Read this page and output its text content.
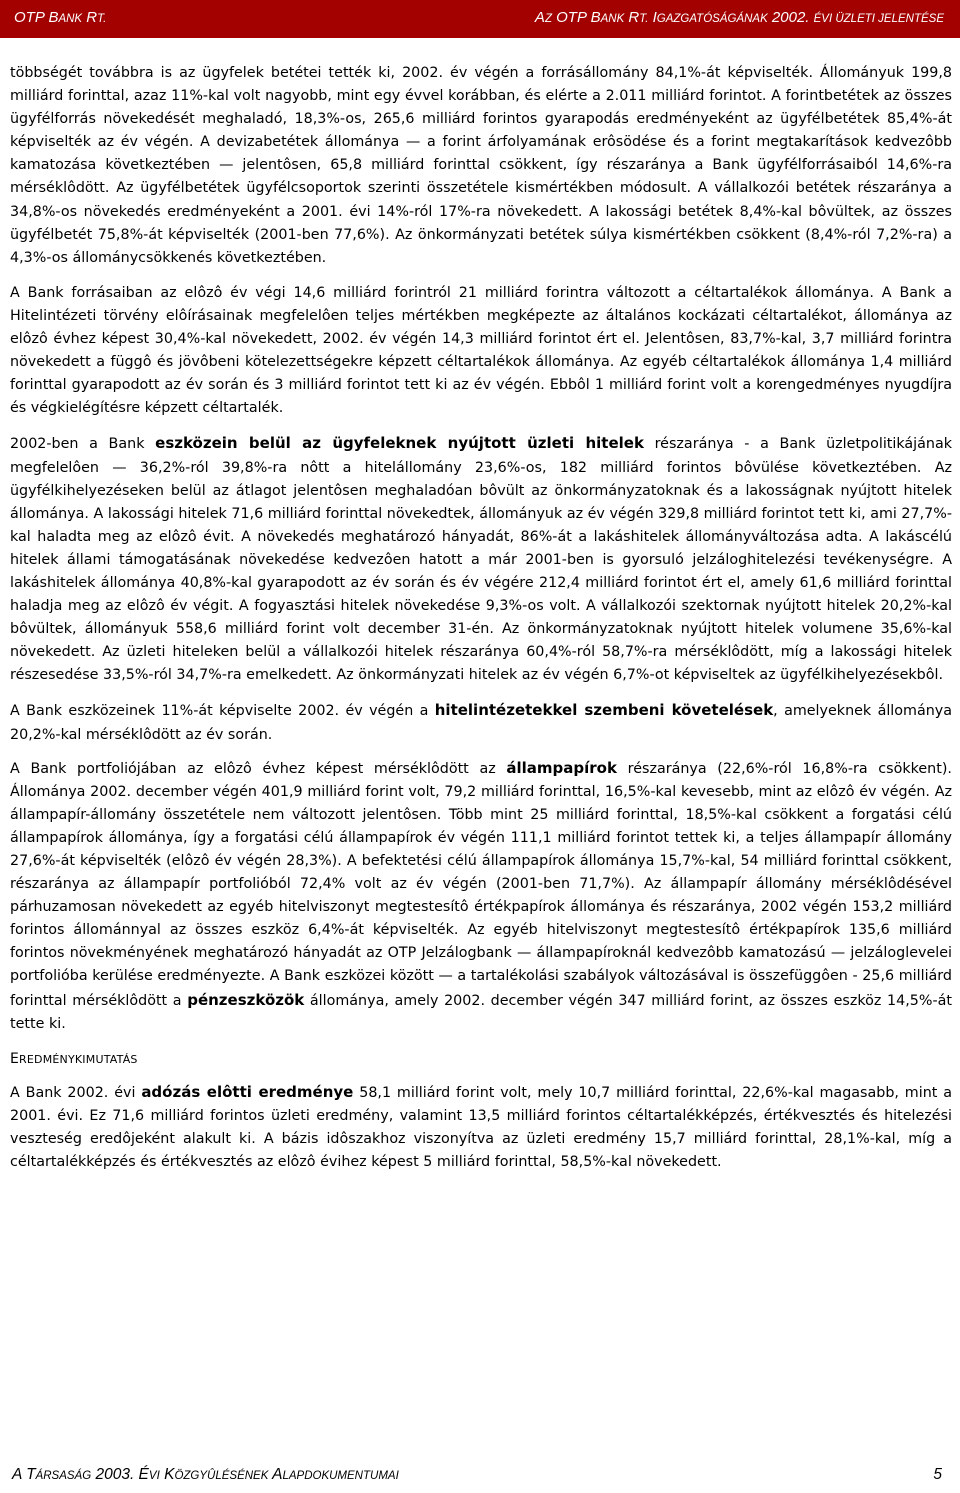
OTP BANK RT.	AZ OTP BANK RT. IGAZGATÓSÁGÁNAK 2002. ÉVI ÜZLETI JELENTÉSE

többségét továbbra is az ügyfelek betétei tették ki, 2002. év végén a forrásállomány 84,1%-át képviselték. Állományuk 199,8 milliárd forinttal, azaz 11%-kal volt nagyobb, mint egy évvel korábban, és elérte a 2.011 milliárd forintot. A forintbetétek az összes ügyfélforrás növekedését meghaladó, 18,3%-os, 265,6 milliárd forintos gyarapodás eredményeként az ügyfélbetétek 85,4%-át képviselték az év végén. A devizabetétek állománya — a forint árfolyamának erôsödése és a forint megtakarítások kedvezôbb kamatozása következtében — jelentôsen, 65,8 milliárd forinttal csökkent, így részaránya a Bank ügyfélforrásaiból 14,6%-ra mérséklôdött. Az ügyfélbetétek ügyfélcsoportok szerinti összetétele kismértékben módosult. A vállalkozói betétek részaránya a 34,8%-os növekedés eredményeként a 2001. évi 14%-ról 17%-ra növekedett. A lakossági betétek 8,4%-kal bôvültek, az összes ügyfélbetét 75,8%-át képviselték (2001-ben 77,6%). Az önkormányzati betétek súlya kismértékben csökkent (8,4%-ról 7,2%-ra) a 4,3%-os állománycsökkenés következtében.

A Bank forrásaiban az elôzô év végi 14,6 milliárd forintról 21 milliárd forintra változott a céltartalékok állománya. A Bank a Hitelintézeti törvény elôírásainak megfelelôen teljes mértékben megképezte az általános kockázati céltartalékot, állománya az elôzô évhez képest 30,4%-kal növekedett, 2002. év végén 14,3 milliárd forintot ért el. Jelentôsen, 83,7%-kal, 3,7 milliárd forintra növekedett a függô és jövôbeni kötelezettségekre képzett céltartalékok állománya. Az egyéb céltartalékok állománya 1,4 milliárd forinttal gyarapodott az év során és 3 milliárd forintot tett ki az év végén. Ebbôl 1 milliárd forint volt a korengedményes nyugdíjra és végkielégítésre képzett céltartalék.

2002-ben a Bank eszközein belül az ügyfeleknek nyújtott üzleti hitelek részaránya - a Bank üzletpolitikájának megfelelôen — 36,2%-ról 39,8%-ra nôtt a hitelállomány 23,6%-os, 182 milliárd forintos bôvülése következtében. Az ügyfélkihelyezéseken belül az átlagot jelentôsen meghaladóan bôvült az önkormányzatoknak és a lakosságnak nyújtott hitelek állománya. A lakossági hitelek 71,6 milliárd forinttal növekedtek, állományuk az év végén 329,8 milliárd forintot tett ki, ami 27,7%-kal haladta meg az elôzô évit. A növekedés meghatározó hányadát, 86%-át a lakáshitelek állományváltozása adta. A lakáscélú hitelek állami támogatásának növekedése kedvezôen hatott a már 2001-ben is gyorsuló jelzáloghitelezési tevékenységre. A lakáshitelek állománya 40,8%-kal gyarapodott az év során és év végére 212,4 milliárd forintot ért el, amely 61,6 milliárd forinttal haladja meg az elôzô év végit. A fogyasztási hitelek növekedése 9,3%-os volt. A vállalkozói szektornak nyújtott hitelek 20,2%-kal bôvültek, állományuk 558,6 milliárd forint volt december 31-én. Az önkormányzatoknak nyújtott hitelek volumene 35,6%-kal növekedett. Az üzleti hiteleken belül a vállalkozói hitelek részaránya 60,4%-ról 58,7%-ra mérséklôdött, míg a lakossági hitelek részesedése 33,5%-ról 34,7%-ra emelkedett. Az önkormányzati hitelek az év végén 6,7%-ot képviseltek az ügyfélkihelyezésekbôl.

A Bank eszközeinek 11%-át képviselte 2002. év végén a hitelintézetekkel szembeni követelések, amelyeknek állománya 20,2%-kal mérséklôdött az év során.

A Bank portfoliójában az elôzô évhez képest mérséklôdött az állampapírok részaránya (22,6%-ról 16,8%-ra csökkent). Állománya 2002. december végén 401,9 milliárd forint volt, 79,2 milliárd forinttal, 16,5%-kal kevesebb, mint az elôzô év végén. Az állampapír-állomány összetétele nem változott jelentôsen. Több mint 25 milliárd forinttal, 18,5%-kal csökkent a forgatási célú állampapírok állománya, így a forgatási célú állampapírok év végén 111,1 milliárd forintot tettek ki, a teljes állampapír állomány 27,6%-át képviselték (elôzô év végén 28,3%). A befektetési célú állampapírok állománya 15,7%-kal, 54 milliárd forinttal csökkent, részaránya az állampapír portfolióból 72,4% volt az év végén (2001-ben 71,7%). Az állampapír állomány mérséklôdésével párhuzamosan növekedett az egyéb hitelviszonyt megtestesítô értékpapírok állománya és részaránya, 2002 végén 153,2 milliárd forintos állománnyal az összes eszköz 6,4%-át képviselték. Az egyéb hitelviszonyt megtestesítô értékpapírok 135,6 milliárd forintos növekményének meghatározó hányadát az OTP Jelzálogbank — állampapíroknál kedvezôbb kamatozású — jelzáloglevelei portfolióba kerülése eredményezte. A Bank eszközei között — a tartalékolási szabályok változásával is összefüggôen - 25,6 milliárd forinttal mérséklôdött a pénzeszközök állománya, amely 2002. december végén 347 milliárd forint, az összes eszköz 14,5%-át tette ki.

EREDMÉNYKIMUTATÁS

A Bank 2002. évi adózás elôtti eredménye 58,1 milliárd forint volt, mely 10,7 milliárd forinttal, 22,6%-kal magasabb, mint a 2001. évi. Ez 71,6 milliárd forintos üzleti eredmény, valamint 13,5 milliárd forintos céltartalékképzés, értékvesztés és hitelezési veszteség eredôjeként alakult ki. A bázis idôszakhoz viszonyítva az üzleti eredmény 15,7 milliárd forinttal, 28,1%-kal, míg a céltartalékképzés és értékvesztés az elôzô évihez képest 5 milliárd forinttal, 58,5%-kal növekedett.

A TÁRSASÁG 2003. ÉVI KÖZGYÛLÉSÉNEK ALAPDOKUMENTUMAI	5
